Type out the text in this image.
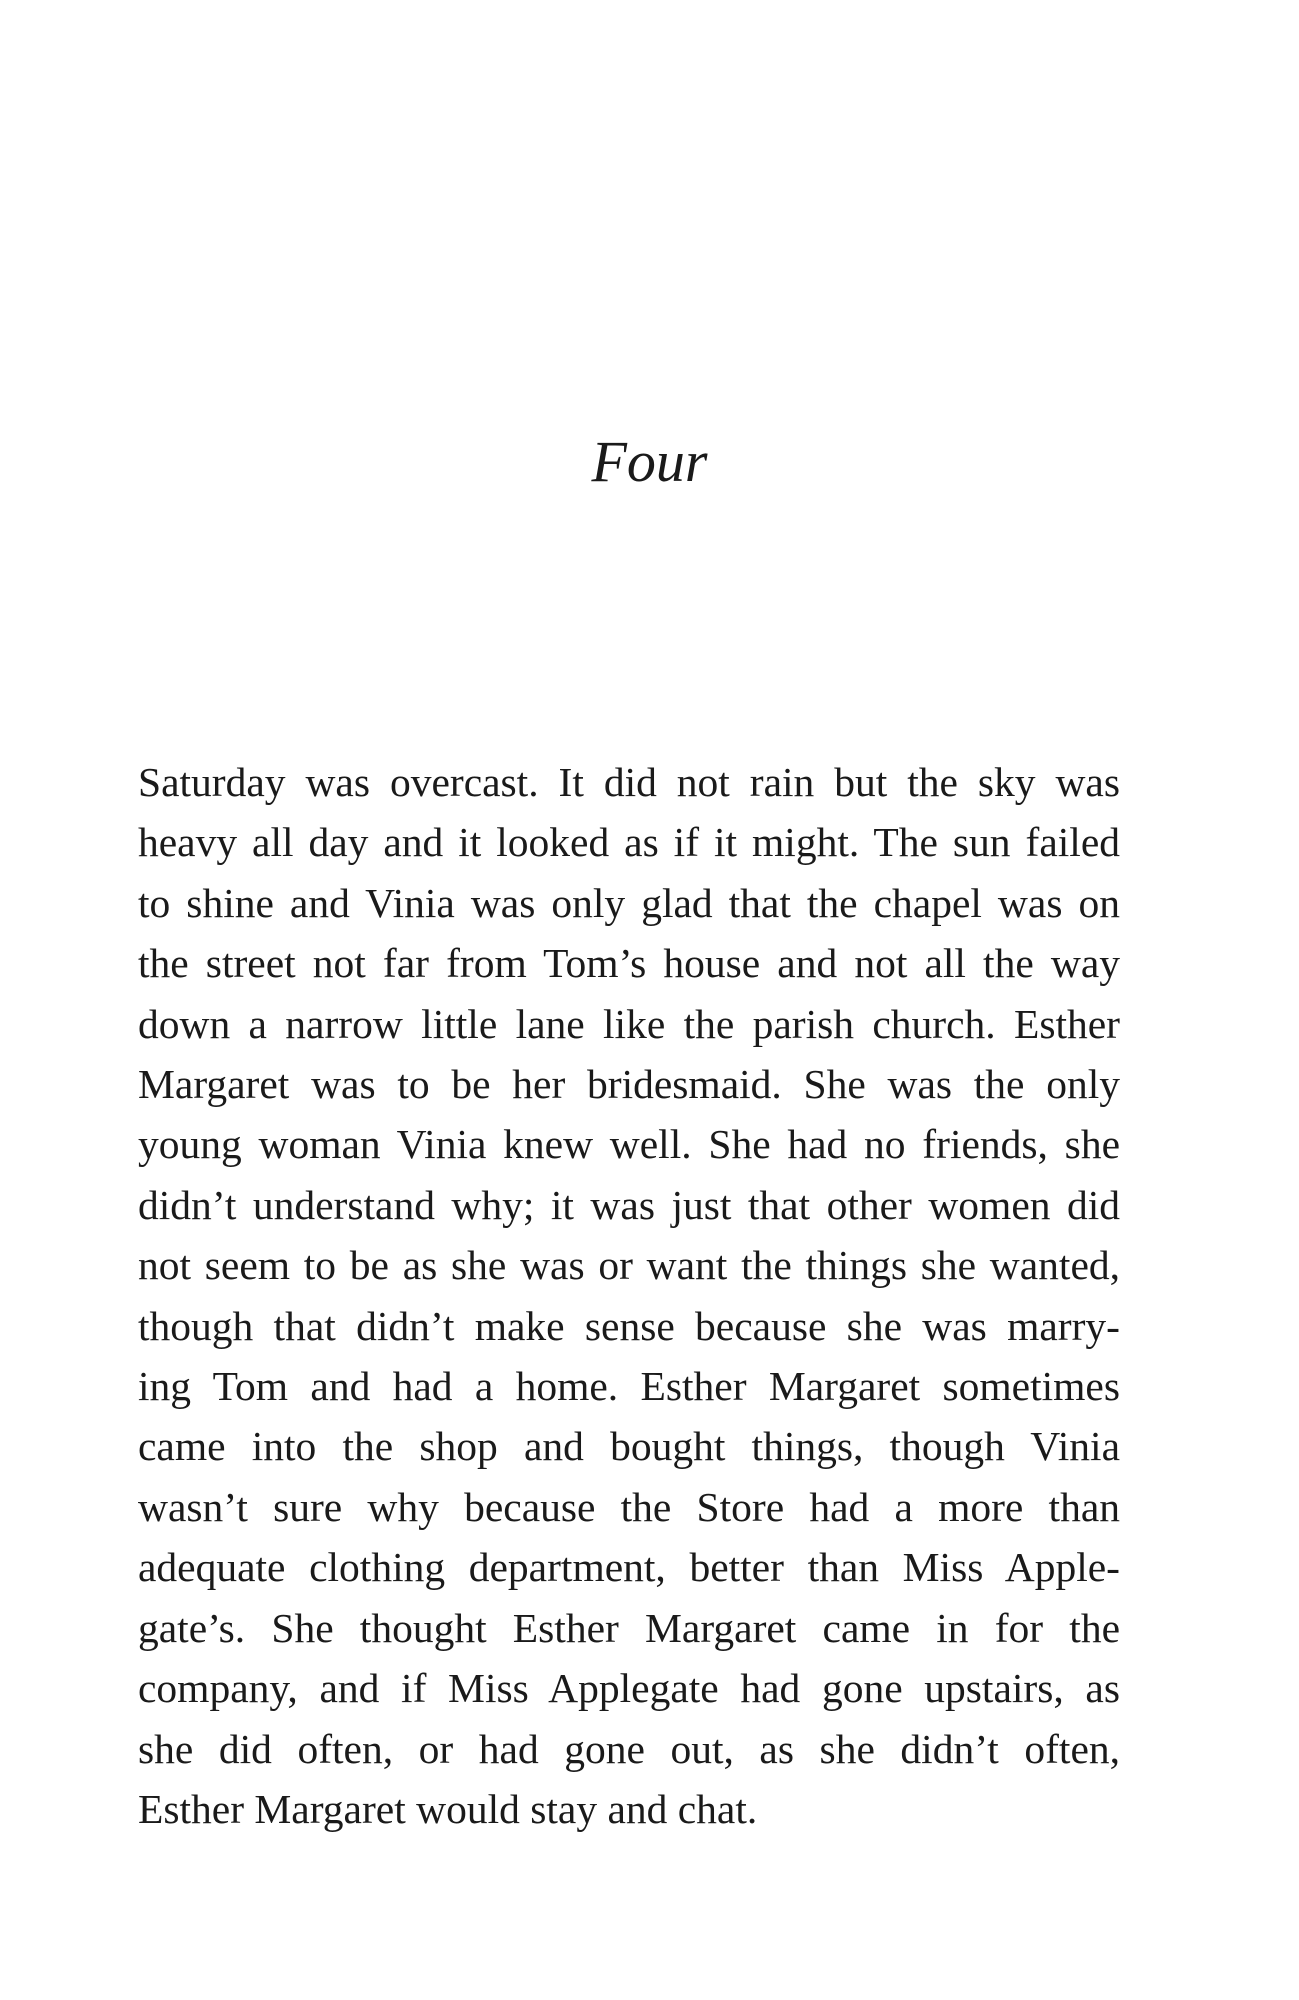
Four

Saturday was overcast. It did not rain but the sky was
heavy all day and it looked as if it might. The sun failed
to shine and Vinia was only glad that the chapel was on
the street not far from Tom’s house and not all the way
down a narrow little lane like the parish church. Esther
Margaret was to be her bridesmaid. She was the only
young woman Vinia knew well. She had no friends, she
didn’t understand why; it was just that other women did
not seem to be as she was or want the things she wanted,
though that didn’t make sense because she was marry-
ing Tom and had a home. Esther Margaret sometimes
came into the shop and bought things, though Vinia
wasn’t sure why because the Store had a more than
adequate clothing department, better than Miss Apple-
gate’s. She thought Esther Margaret came in for the
company, and if Miss Applegate had gone upstairs, as
she did often, or had gone out, as she didn’t often,
Esther Margaret would stay and chat.
